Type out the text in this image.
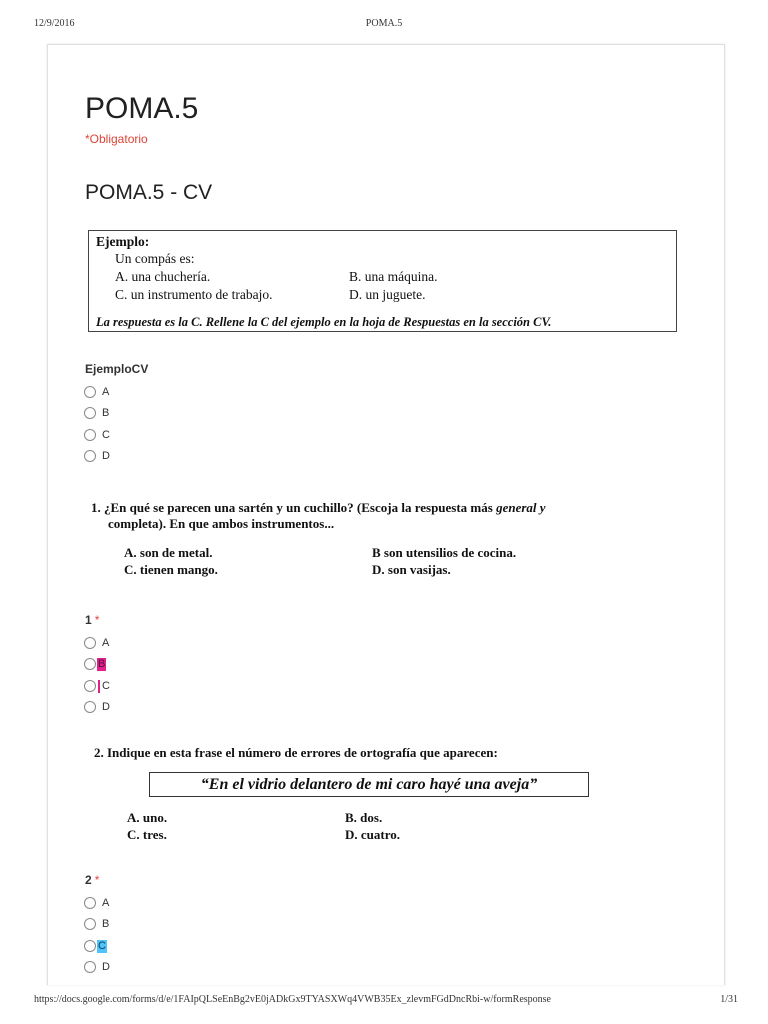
12/9/2016	POMA.5
POMA.5
*Obligatorio
POMA.5 - CV
Ejemplo:
Un compás es:
A. una chuchería.	B. una máquina.
C. un instrumento de trabajo.	D. un juguete.
La respuesta es la C. Rellene la C del ejemplo en la hoja de Respuestas en la sección CV.
EjemploCV
A
B
C
D
1. ¿En qué se parecen una sartén y un cuchillo? (Escoja la respuesta más general y
completa). En que ambos instrumentos...
A. son de metal.	B son utensilios de cocina.
C. tienen mango.	D. son vasijas.
1 *
A
B
C
D
2. Indique en esta frase el número de errores de ortografía que aparecen:
“En el vidrio delantero de mi caro hayé una aveja”
A. uno.	B. dos.
C. tres.	D. cuatro.
2 *
A
B
C
D
https://docs.google.com/forms/d/e/1FAIpQLSeEnBg2vE0jADkGx9TYASXWq4VWB35Ex_zlevmFGdDncRbi-w/formResponse	1/31
